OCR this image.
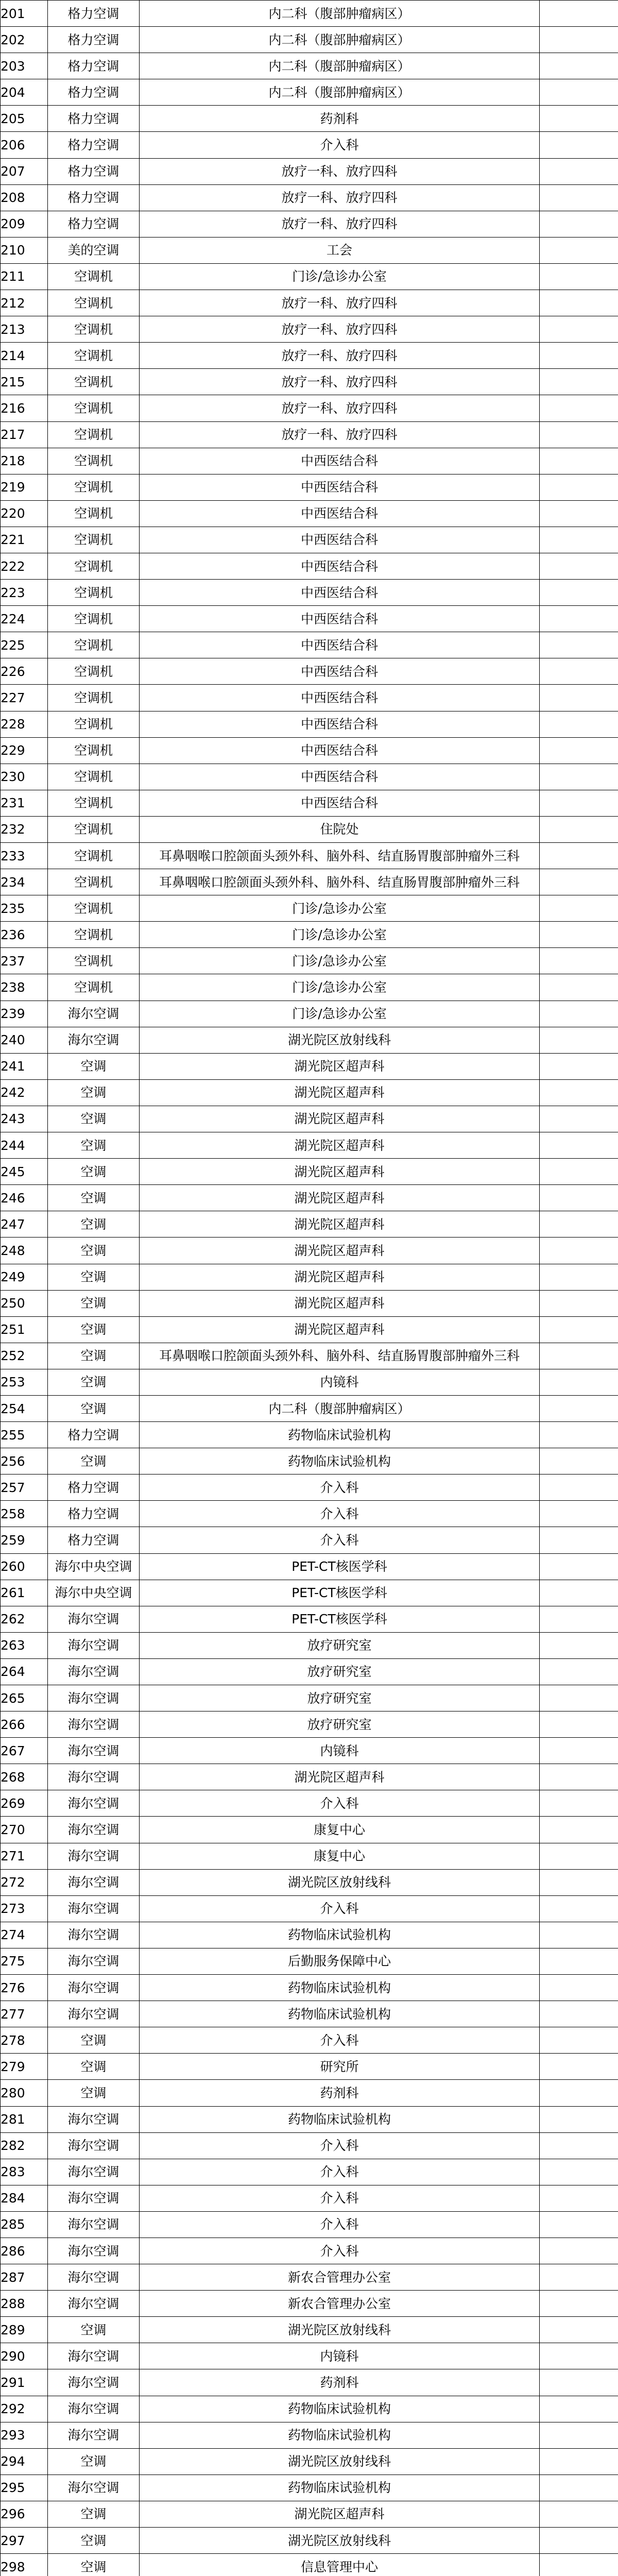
201	格力空调	内二科（腹部肿瘤病区）	
202	格力空调	内二科（腹部肿瘤病区）	
203	格力空调	内二科（腹部肿瘤病区）	
204	格力空调	内二科（腹部肿瘤病区）	
205	格力空调	药剂科	
206	格力空调	介入科	
207	格力空调	放疗一科、放疗四科	
208	格力空调	放疗一科、放疗四科	
209	格力空调	放疗一科、放疗四科	
210	美的空调	工会	
211	空调机	门诊/急诊办公室	
212	空调机	放疗一科、放疗四科	
213	空调机	放疗一科、放疗四科	
214	空调机	放疗一科、放疗四科	
215	空调机	放疗一科、放疗四科	
216	空调机	放疗一科、放疗四科	
217	空调机	放疗一科、放疗四科	
218	空调机	中西医结合科	
219	空调机	中西医结合科	
220	空调机	中西医结合科	
221	空调机	中西医结合科	
222	空调机	中西医结合科	
223	空调机	中西医结合科	
224	空调机	中西医结合科	
225	空调机	中西医结合科	
226	空调机	中西医结合科	
227	空调机	中西医结合科	
228	空调机	中西医结合科	
229	空调机	中西医结合科	
230	空调机	中西医结合科	
231	空调机	中西医结合科	
232	空调机	住院处	
233	空调机	耳鼻咽喉口腔颌面头颈外科、脑外科、结直肠胃腹部肿瘤外三科	
234	空调机	耳鼻咽喉口腔颌面头颈外科、脑外科、结直肠胃腹部肿瘤外三科	
235	空调机	门诊/急诊办公室	
236	空调机	门诊/急诊办公室	
237	空调机	门诊/急诊办公室	
238	空调机	门诊/急诊办公室	
239	海尔空调	门诊/急诊办公室	
240	海尔空调	湖光院区放射线科	
241	空调	湖光院区超声科	
242	空调	湖光院区超声科	
243	空调	湖光院区超声科	
244	空调	湖光院区超声科	
245	空调	湖光院区超声科	
246	空调	湖光院区超声科	
247	空调	湖光院区超声科	
248	空调	湖光院区超声科	
249	空调	湖光院区超声科	
250	空调	湖光院区超声科	
251	空调	湖光院区超声科	
252	空调	耳鼻咽喉口腔颌面头颈外科、脑外科、结直肠胃腹部肿瘤外三科	
253	空调	内镜科	
254	空调	内二科（腹部肿瘤病区）	
255	格力空调	药物临床试验机构	
256	空调	药物临床试验机构	
257	格力空调	介入科	
258	格力空调	介入科	
259	格力空调	介入科	
260	海尔中央空调	PET-CT核医学科	
261	海尔中央空调	PET-CT核医学科	
262	海尔空调	PET-CT核医学科	
263	海尔空调	放疗研究室	
264	海尔空调	放疗研究室	
265	海尔空调	放疗研究室	
266	海尔空调	放疗研究室	
267	海尔空调	内镜科	
268	海尔空调	湖光院区超声科	
269	海尔空调	介入科	
270	海尔空调	康复中心	
271	海尔空调	康复中心	
272	海尔空调	湖光院区放射线科	
273	海尔空调	介入科	
274	海尔空调	药物临床试验机构	
275	海尔空调	后勤服务保障中心	
276	海尔空调	药物临床试验机构	
277	海尔空调	药物临床试验机构	
278	空调	介入科	
279	空调	研究所	
280	空调	药剂科	
281	海尔空调	药物临床试验机构	
282	海尔空调	介入科	
283	海尔空调	介入科	
284	海尔空调	介入科	
285	海尔空调	介入科	
286	海尔空调	介入科	
287	海尔空调	新农合管理办公室	
288	海尔空调	新农合管理办公室	
289	空调	湖光院区放射线科	
290	海尔空调	内镜科	
291	海尔空调	药剂科	
292	海尔空调	药物临床试验机构	
293	海尔空调	药物临床试验机构	
294	空调	湖光院区放射线科	
295	海尔空调	药物临床试验机构	
296	空调	湖光院区超声科	
297	空调	湖光院区放射线科	
298	空调	信息管理中心	
